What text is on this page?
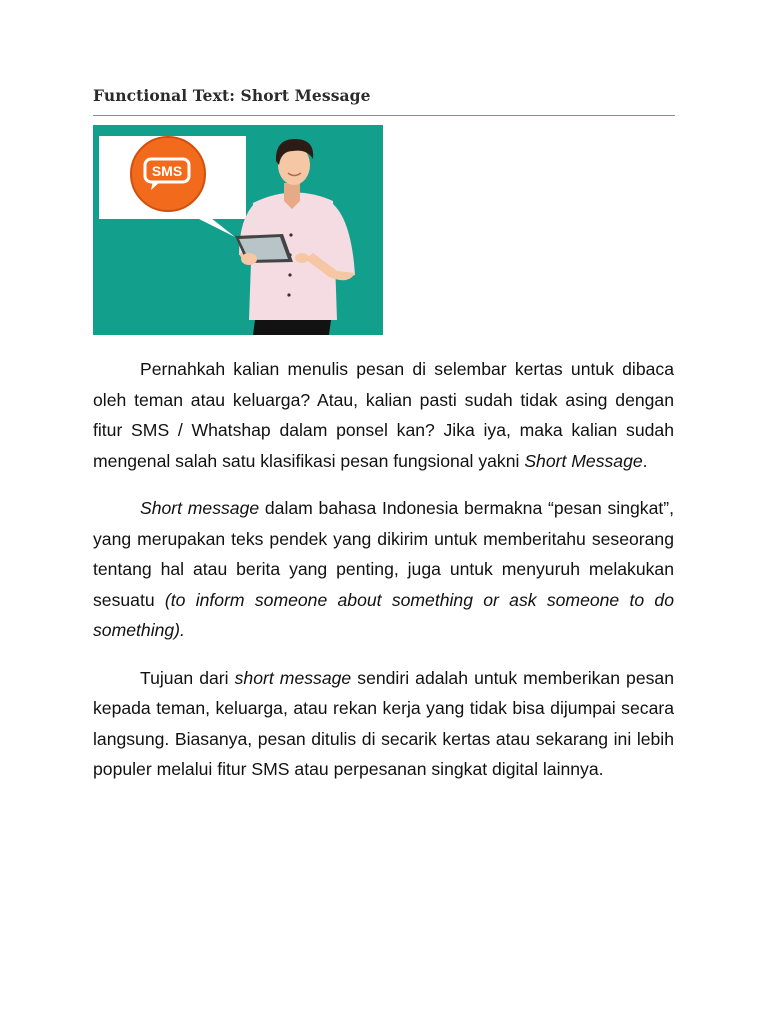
Functional Text: Short Message
SMS

Pernahkah kalian menulis pesan di selembar kertas untuk dibaca oleh teman atau keluarga? Atau, kalian pasti sudah tidak asing dengan fitur SMS / Whatshap dalam ponsel kan? Jika iya, maka kalian sudah mengenal salah satu klasifikasi pesan fungsional yakni Short Message.

Short message dalam bahasa Indonesia bermakna “pesan singkat”, yang merupakan teks pendek yang dikirim untuk memberitahu seseorang tentang hal atau berita yang penting, juga untuk menyuruh melakukan sesuatu (to inform someone about something or ask someone to do something).

Tujuan dari short message sendiri adalah untuk memberikan pesan kepada teman, keluarga, atau rekan kerja yang tidak bisa dijumpai secara langsung. Biasanya, pesan ditulis di secarik kertas atau sekarang ini lebih populer melalui fitur SMS atau perpesanan singkat digital lainnya.
